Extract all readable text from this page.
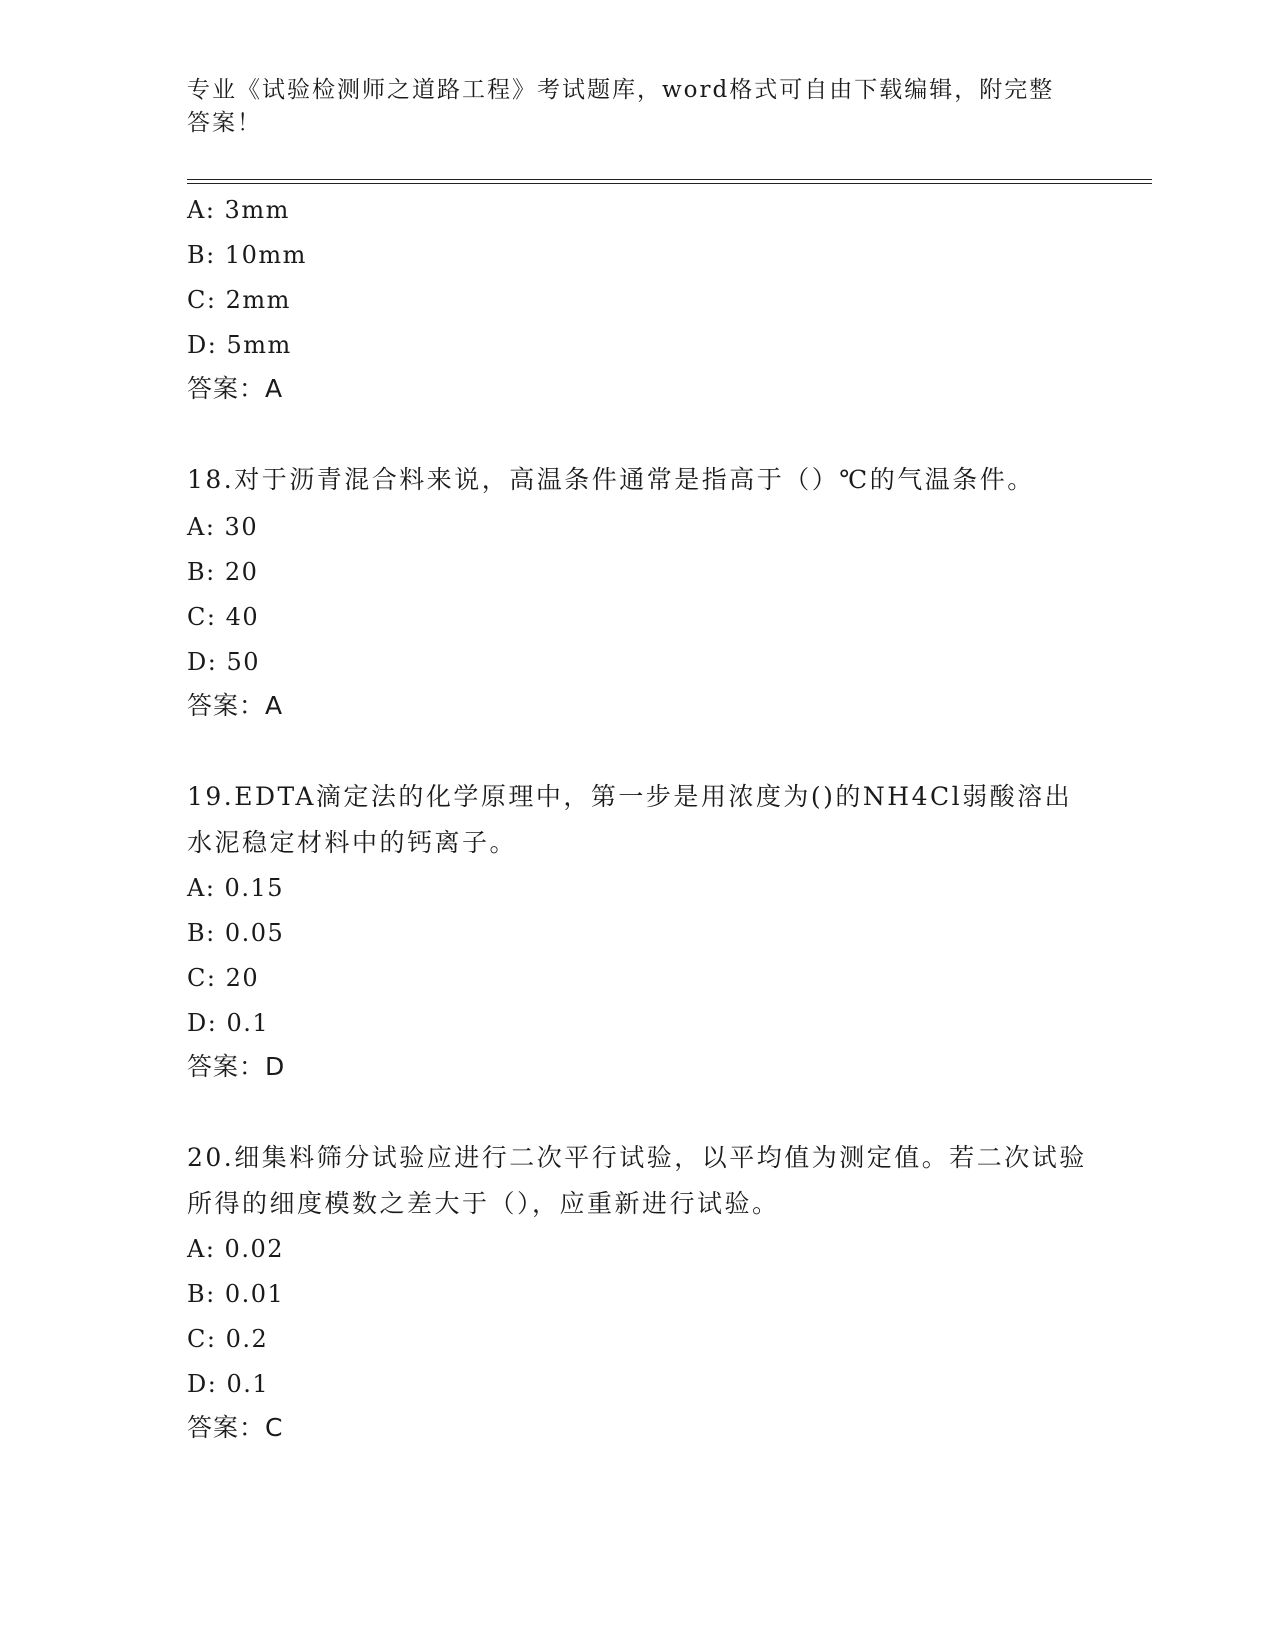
专业《试验检测师之道路工程》考试题库，word格式可自由下载编辑，附完整答案！
A: 3mm
B: 10mm
C: 2mm
D: 5mm
答案：A
18.对于沥青混合料来说，高温条件通常是指高于（）℃的气温条件。
A: 30
B: 20
C: 40
D: 50
答案：A
19.EDTA滴定法的化学原理中，第一步是用浓度为()的NH4Cl弱酸溶出水泥稳定材料中的钙离子。
A: 0.15
B: 0.05
C: 20
D: 0.1
答案：D
20.细集料筛分试验应进行二次平行试验，以平均值为测定值。若二次试验所得的细度模数之差大于（），应重新进行试验。
A: 0.02
B: 0.01
C: 0.2
D: 0.1
答案：C
